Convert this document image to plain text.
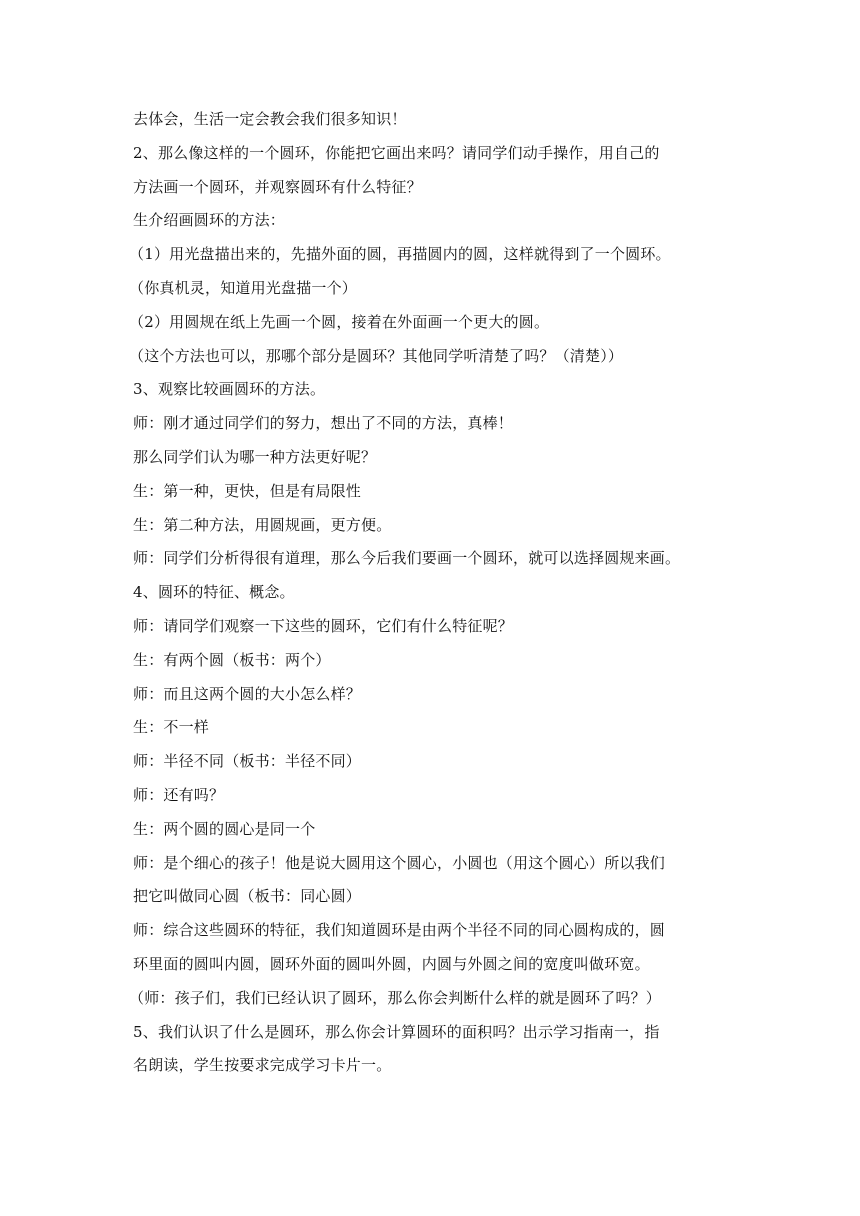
去体会，生活一定会教会我们很多知识！
2、那么像这样的一个圆环，你能把它画出来吗？请同学们动手操作，用自己的
方法画一个圆环，并观察圆环有什么特征？
生介绍画圆环的方法：
（1）用光盘描出来的，先描外面的圆，再描圆内的圆，这样就得到了一个圆环。
（你真机灵，知道用光盘描一个）
（2）用圆规在纸上先画一个圆，接着在外面画一个更大的圆。
（这个方法也可以，那哪个部分是圆环？其他同学听清楚了吗？（清楚））
3、观察比较画圆环的方法。
师：刚才通过同学们的努力，想出了不同的方法，真棒！
那么同学们认为哪一种方法更好呢？
生：第一种，更快，但是有局限性
生：第二种方法，用圆规画，更方便。
师：同学们分析得很有道理，那么今后我们要画一个圆环，就可以选择圆规来画。
4、圆环的特征、概念。
师：请同学们观察一下这些的圆环，它们有什么特征呢？
生：有两个圆（板书：两个）
师：而且这两个圆的大小怎么样？
生：不一样
师：半径不同（板书：半径不同）
师：还有吗？
生：两个圆的圆心是同一个
师：是个细心的孩子！他是说大圆用这个圆心，小圆也（用这个圆心）所以我们
把它叫做同心圆（板书：同心圆）
师：综合这些圆环的特征，我们知道圆环是由两个半径不同的同心圆构成的，圆
环里面的圆叫内圆，圆环外面的圆叫外圆，内圆与外圆之间的宽度叫做环宽。
（师：孩子们，我们已经认识了圆环，那么你会判断什么样的就是圆环了吗？）
5、我们认识了什么是圆环，那么你会计算圆环的面积吗？出示学习指南一，指
名朗读，学生按要求完成学习卡片一。
